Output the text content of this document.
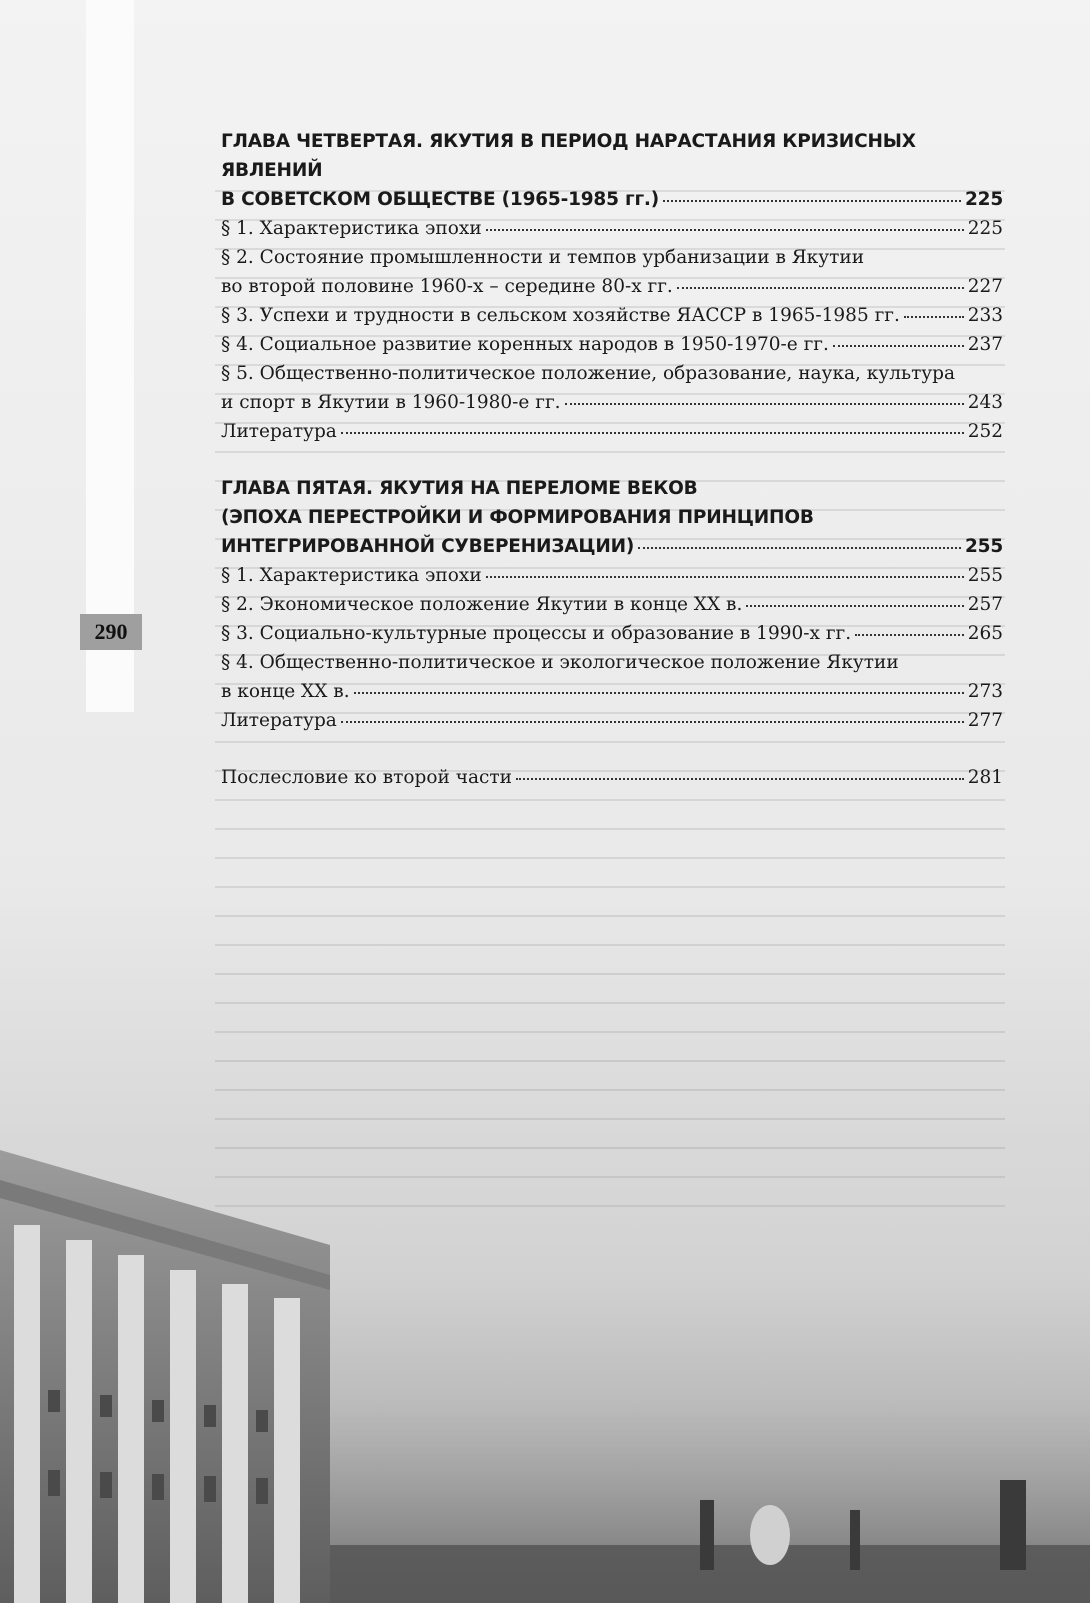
290
ГЛАВА ЧЕТВЕРТАЯ. ЯКУТИЯ В ПЕРИОД НАРАСТАНИЯ КРИЗИСНЫХ ЯВЛЕНИЙ
В СОВЕТСКОМ ОБЩЕСТВЕ (1965-1985 гг.)	225
§ 1. Характеристика эпохи	225
§ 2. Состояние промышленности и темпов урбанизации в Якутии
во второй половине 1960-х – середине 80-х гг.	227
§ 3. Успехи и трудности в сельском хозяйстве ЯАССР в 1965-1985 гг.	233
§ 4. Социальное развитие коренных народов в 1950-1970-е гг.	237
§ 5. Общественно-политическое положение, образование, наука, культура
и спорт в Якутии в 1960-1980-е гг.	243
Литература	252
ГЛАВА ПЯТАЯ. ЯКУТИЯ НА ПЕРЕЛОМЕ ВЕКОВ
(ЭПОХА ПЕРЕСТРОЙКИ И ФОРМИРОВАНИЯ ПРИНЦИПОВ
ИНТЕГРИРОВАННОЙ СУВЕРЕНИЗАЦИИ)	255
§ 1. Характеристика эпохи	255
§ 2. Экономическое положение Якутии в конце XX в.	257
§ 3. Социально-культурные процессы и образование в 1990-х гг.	265
§ 4. Общественно-политическое и экологическое положение Якутии
в конце XX в.	273
Литература	277
Послесловие ко второй части	281
